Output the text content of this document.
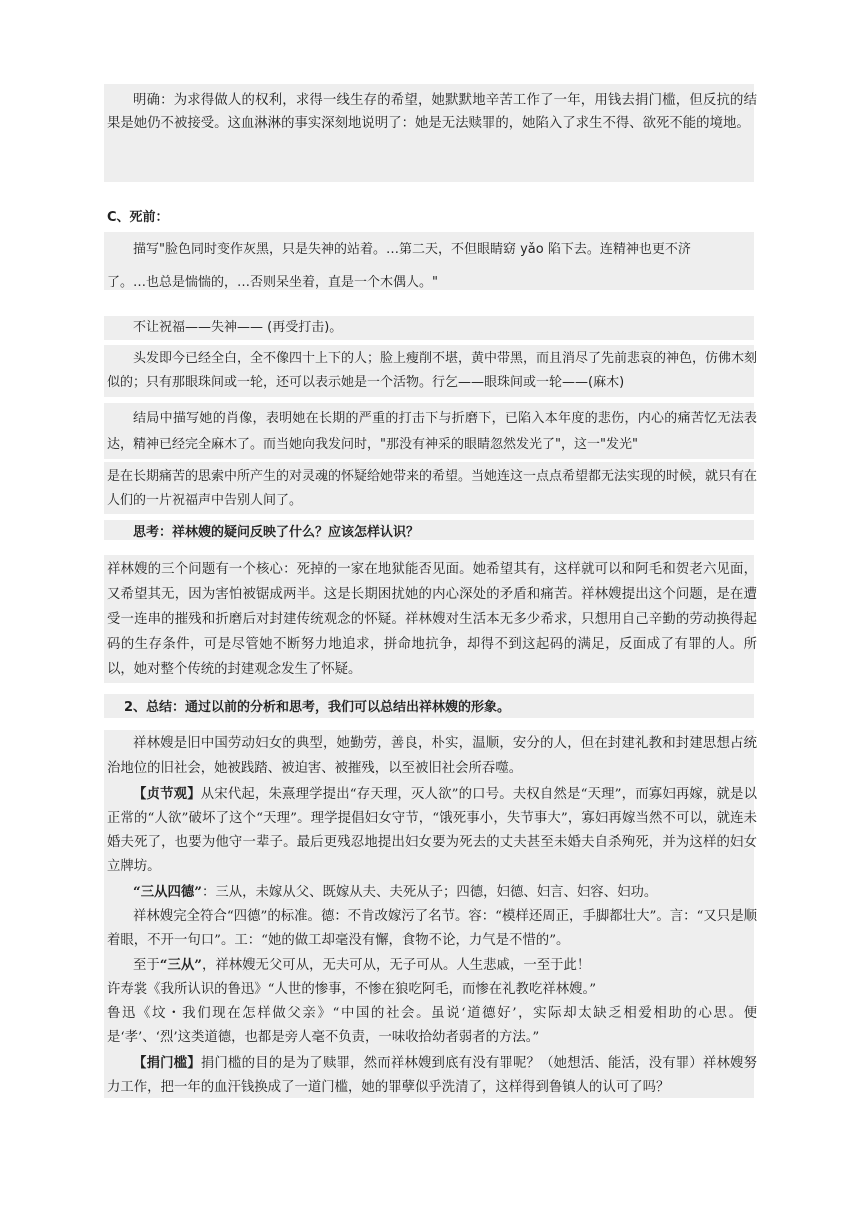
明确：为求得做人的权利，求得一线生存的希望，她默默地辛苦工作了一年，用钱去捐门槛，但反抗的结果是她仍不被接受。这血淋淋的事实深刻地说明了：她是无法赎罪的，她陷入了求生不得、欲死不能的境地。

C、死前：

描写"脸色同时变作灰黑，只是失神的站着。…第二天，不但眼睛窈 yǎo 陷下去。连精神也更不济

了。…也总是惴惴的，…否则呆坐着，直是一个木偶人。"

不让祝福——失神—— (再受打击)。

头发即今已经全白，全不像四十上下的人；脸上瘦削不堪，黄中带黑，而且消尽了先前悲哀的神色，仿佛木刻似的；只有那眼珠间或一轮，还可以表示她是一个活物。行乞——眼珠间或一轮——(麻木)

结局中描写她的肖像，表明她在长期的严重的打击下与折磨下，已陷入本年度的悲伤，内心的痛苦忆无法表达，精神已经完全麻木了。而当她向我发问时，"那没有神采的眼睛忽然发光了"，这一"发光"

是在长期痛苦的思索中所产生的对灵魂的怀疑给她带来的希望。当她连这一点点希望都无法实现的时候，就只有在人们的一片祝福声中告别人间了。

思考：祥林嫂的疑问反映了什么？应该怎样认识？

祥林嫂的三个问题有一个核心：死掉的一家在地狱能否见面。她希望其有，这样就可以和阿毛和贺老六见面，又希望其无，因为害怕被锯成两半。这是长期困扰她的内心深处的矛盾和痛苦。祥林嫂提出这个问题，是在遭受一连串的摧残和折磨后对封建传统观念的怀疑。祥林嫂对生活本无多少希求，只想用自己辛勤的劳动换得起码的生存条件，可是尽管她不断努力地追求，拼命地抗争，却得不到这起码的满足，反面成了有罪的人。所以，她对整个传统的封建观念发生了怀疑。

2、总结：通过以前的分析和思考，我们可以总结出祥林嫂的形象。

祥林嫂是旧中国劳动妇女的典型，她勤劳，善良，朴实，温顺，安分的人，但在封建礼教和封建思想占统治地位的旧社会，她被践踏、被迫害、被摧残，以至被旧社会所吞噬。

【贞节观】从宋代起，朱熹理学提出“存天理，灭人欲”的口号。夫权自然是“天理”，而寡妇再嫁，就是以正常的“人欲”破坏了这个“天理”。理学提倡妇女守节，“饿死事小，失节事大”，寡妇再嫁当然不可以，就连未婚夫死了，也要为他守一辈子。最后更残忍地提出妇女要为死去的丈夫甚至未婚夫自杀殉死，并为这样的妇女立牌坊。

“三从四德”：三从，未嫁从父、既嫁从夫、夫死从子；四德，妇德、妇言、妇容、妇功。

祥林嫂完全符合“四德”的标准。德：不肯改嫁污了名节。容：“模样还周正，手脚都壮大”。言：“又只是顺着眼，不开一句口”。工：“她的做工却毫没有懈，食物不论，力气是不惜的”。

至于“三从”，祥林嫂无父可从，无夫可从，无子可从。人生悲戚，一至于此！

许寿裳《我所认识的鲁迅》“人世的惨事，不惨在狼吃阿毛，而惨在礼教吃祥林嫂。”

鲁迅《坟・我们现在怎样做父亲》“中国的社会。虽说‘道德好’，实际却太缺乏相爱相助的心思。便是‘孝’、‘烈’这类道德，也都是旁人毫不负责，一味收拾幼者弱者的方法。”

【捐门槛】捐门槛的目的是为了赎罪，然而祥林嫂到底有没有罪呢？（她想活、能活，没有罪）祥林嫂努力工作，把一年的血汗钱换成了一道门槛，她的罪孽似乎洗清了，这样得到鲁镇人的认可了吗？
